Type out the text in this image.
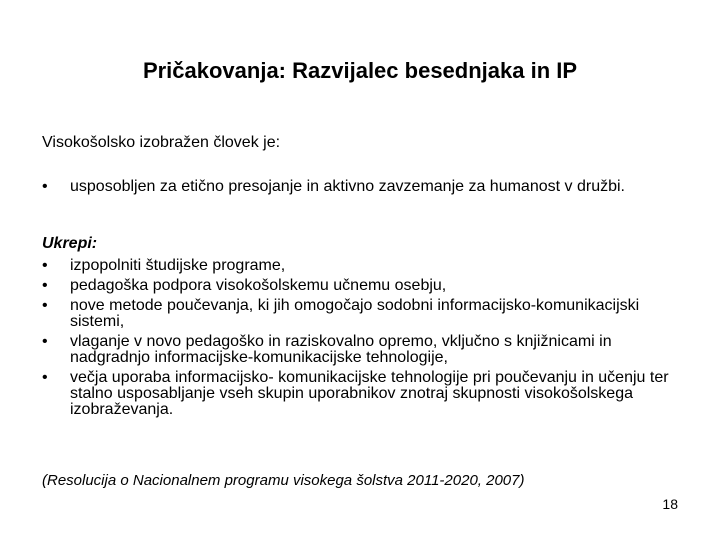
Pričakovanja: Razvijalec besednjaka in IP
Visokošolsko izobražen človek je:
• usposobljen za etično presojanje in aktivno zavzemanje za humanost v družbi.
Ukrepi:
• izpopolniti študijske programe,
• pedagoška podpora visokošolskemu učnemu osebju,
• nove metode poučevanja, ki jih omogočajo sodobni informacijsko-komunikacijski sistemi,
• vlaganje v novo pedagoško in raziskovalno opremo, vključno s knjižnicami in nadgradnjo informacijske-komunikacijske tehnologije,
• večja uporaba informacijsko- komunikacijske tehnologije pri poučevanju in učenju ter stalno usposabljanje vseh skupin uporabnikov znotraj skupnosti visokošolskega izobraževanja.
(Resolucija o Nacionalnem programu visokega šolstva 2011-2020, 2007)
18
